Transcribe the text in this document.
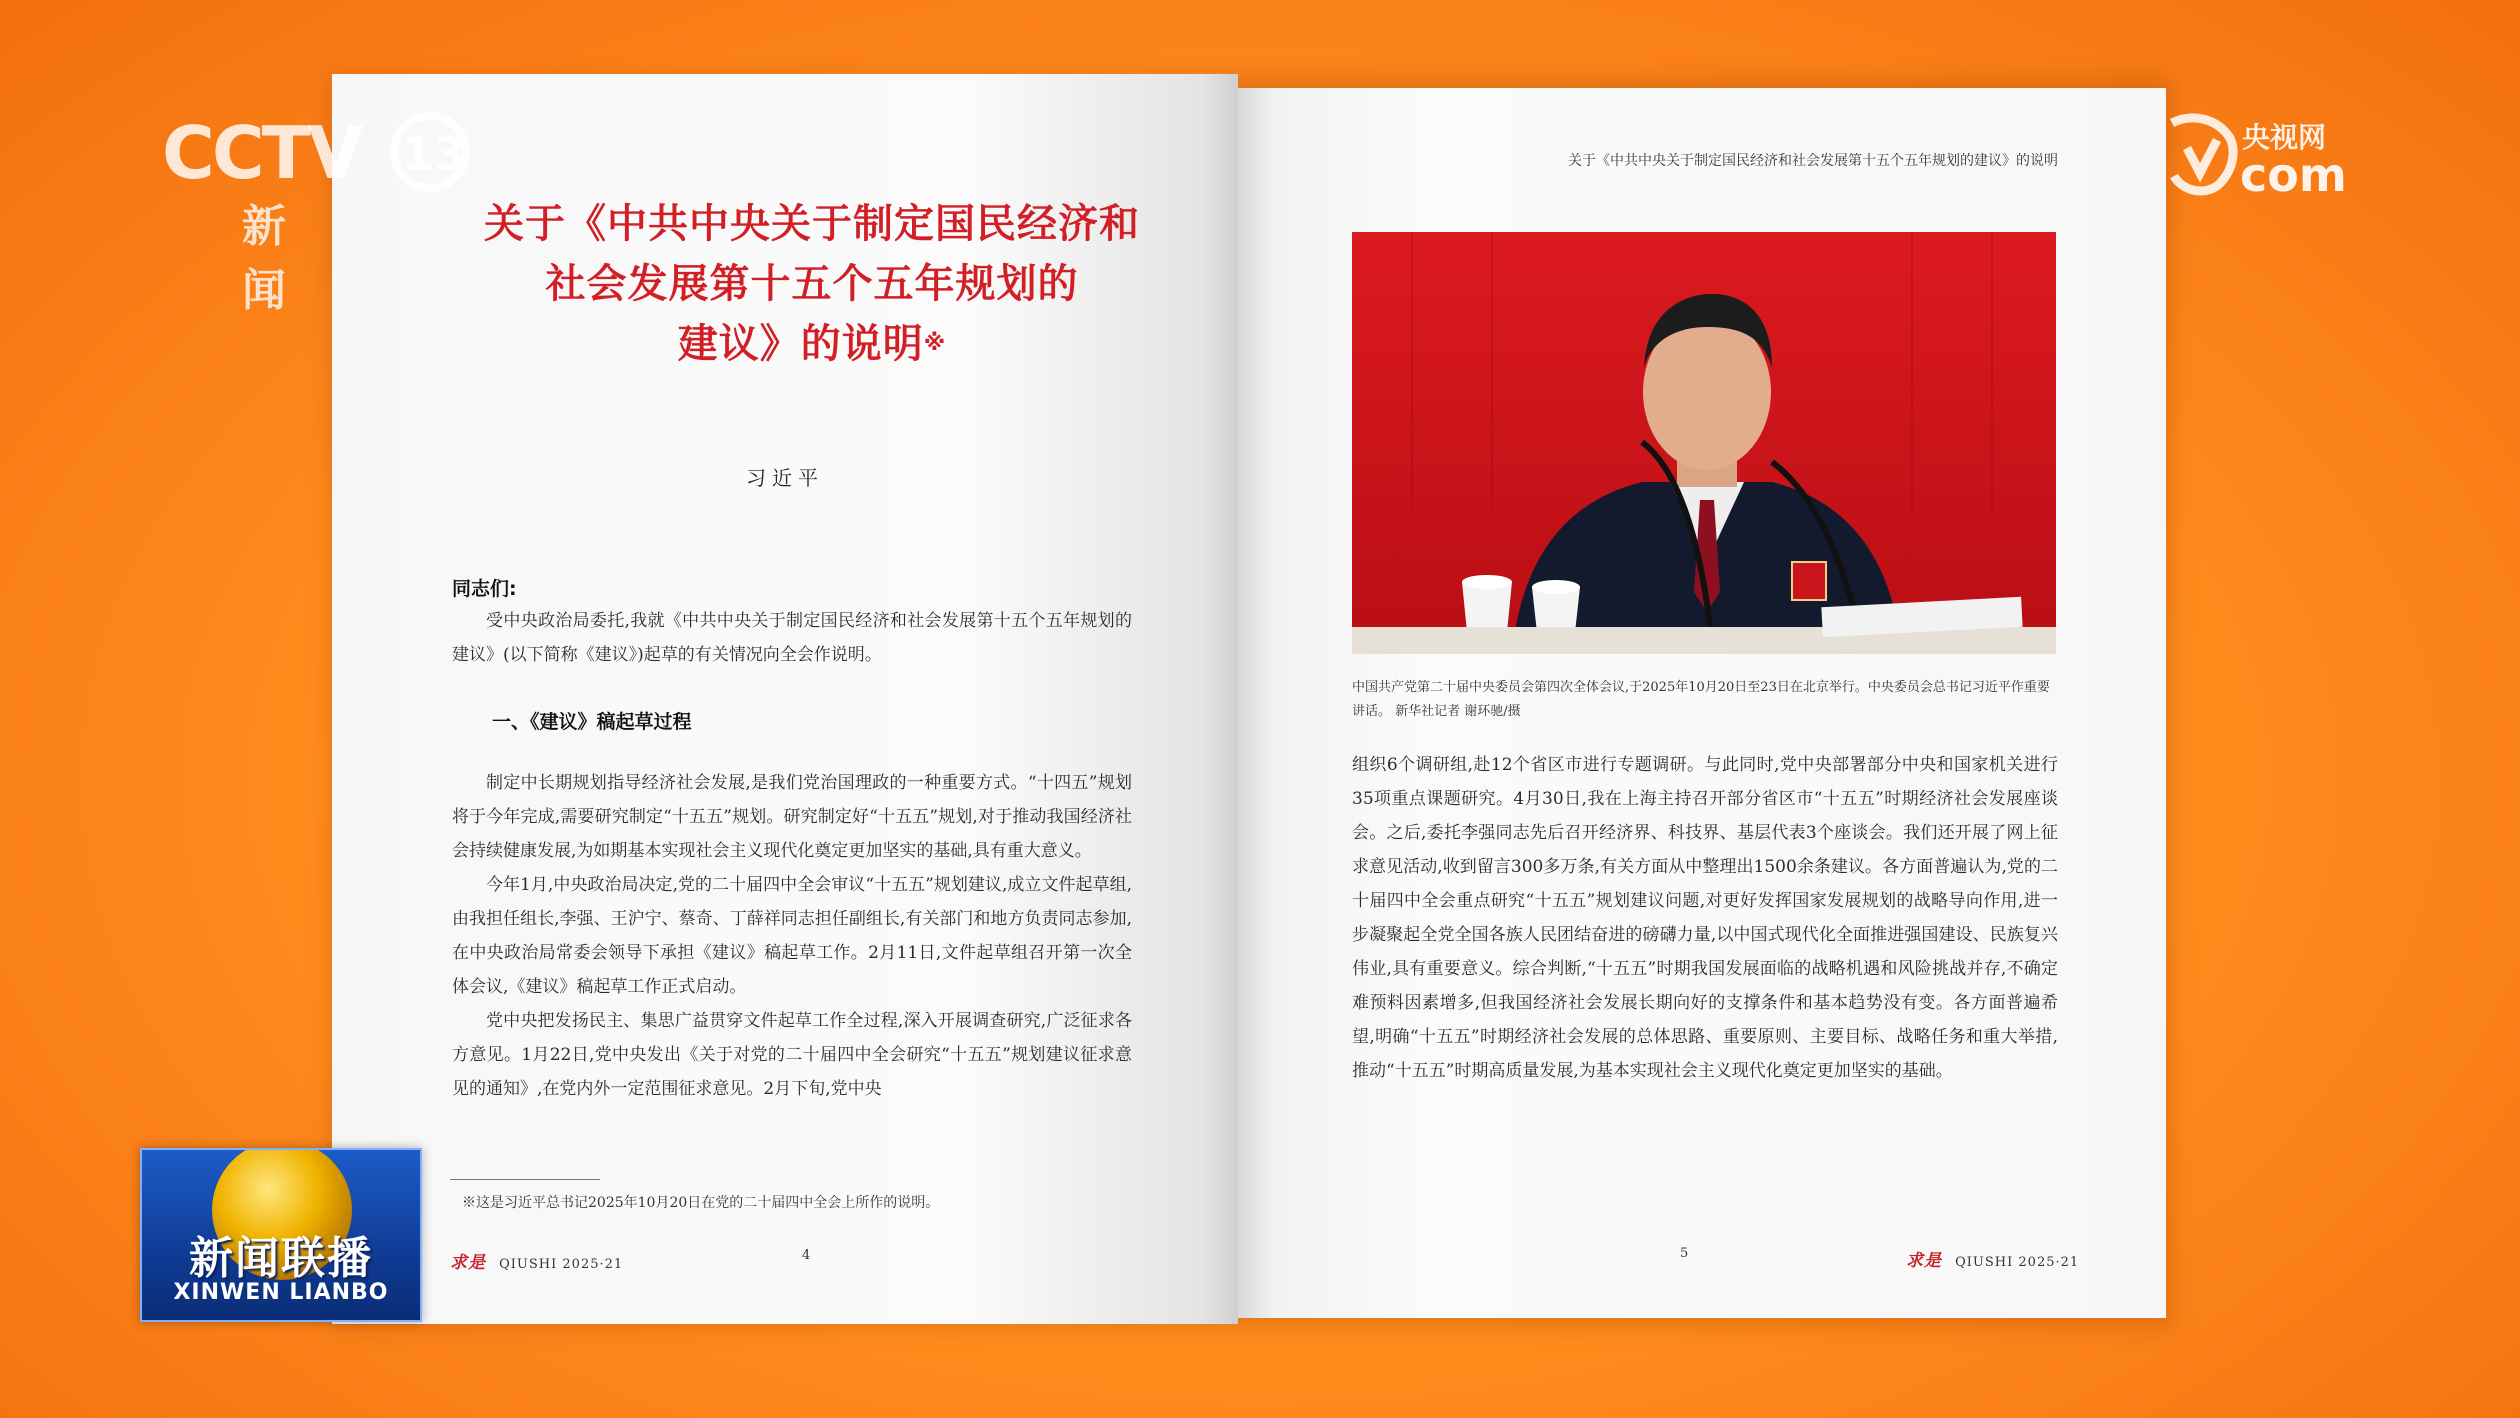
关于《中共中央关于制定国民经济和
社会发展第十五个五年规划的
建议》的说明※
习近平
同志们:

受中央政治局委托,我就《中共中央关于制定国民经济和社会发展第十五个五年规划的建议》(以下简称《建议》)起草的有关情况向全会作说明。

一、《建议》稿起草过程

制定中长期规划指导经济社会发展,是我们党治国理政的一种重要方式。“十四五”规划将于今年完成,需要研究制定“十五五”规划。研究制定好“十五五”规划,对于推动我国经济社会持续健康发展,为如期基本实现社会主义现代化奠定更加坚实的基础,具有重大意义。

今年1月,中央政治局决定,党的二十届四中全会审议“十五五”规划建议,成立文件起草组,由我担任组长,李强、王沪宁、蔡奇、丁薛祥同志担任副组长,有关部门和地方负责同志参加,在中央政治局常委会领导下承担《建议》稿起草工作。2月11日,文件起草组召开第一次全体会议,《建议》稿起草工作正式启动。

党中央把发扬民主、集思广益贯穿文件起草工作全过程,深入开展调查研究,广泛征求各方意见。1月22日,党中央发出《关于对党的二十届四中全会研究“十五五”规划建议征求意见的通知》,在党内外一定范围征求意见。2月下旬,党中央

※这是习近平总书记2025年10月20日在党的二十届四中全会上所作的说明。
求是 QIUSHI 2025·21
4
关于《中共中央关于制定国民经济和社会发展第十五个五年规划的建议》的说明
中国共产党第二十届中央委员会第四次全体会议,于2025年10月20日至23日在北京举行。中央委员会总书记习近平作重要讲话。 新华社记者 谢环驰/摄

组织6个调研组,赴12个省区市进行专题调研。与此同时,党中央部署部分中央和国家机关进行35项重点课题研究。4月30日,我在上海主持召开部分省区市“十五五”时期经济社会发展座谈会。之后,委托李强同志先后召开经济界、科技界、基层代表3个座谈会。我们还开展了网上征求意见活动,收到留言300多万条,有关方面从中整理出1500余条建议。各方面普遍认为,党的二十届四中全会重点研究“十五五”规划建议问题,对更好发挥国家发展规划的战略导向作用,进一步凝聚起全党全国各族人民团结奋进的磅礴力量,以中国式现代化全面推进强国建设、民族复兴伟业,具有重要意义。综合判断,“十五五”时期我国发展面临的战略机遇和风险挑战并存,不确定难预料因素增多,但我国经济社会发展长期向好的支撑条件和基本趋势没有变。各方面普遍希望,明确“十五五”时期经济社会发展的总体思路、重要原则、主要目标、战略任务和重大举措,推动“十五五”时期高质量发展,为基本实现社会主义现代化奠定更加坚实的基础。

5	求是 QIUSHI 2025·21
CCTV 13
新 闻
央视网
com
新闻联播
XINWEN LIANBO
